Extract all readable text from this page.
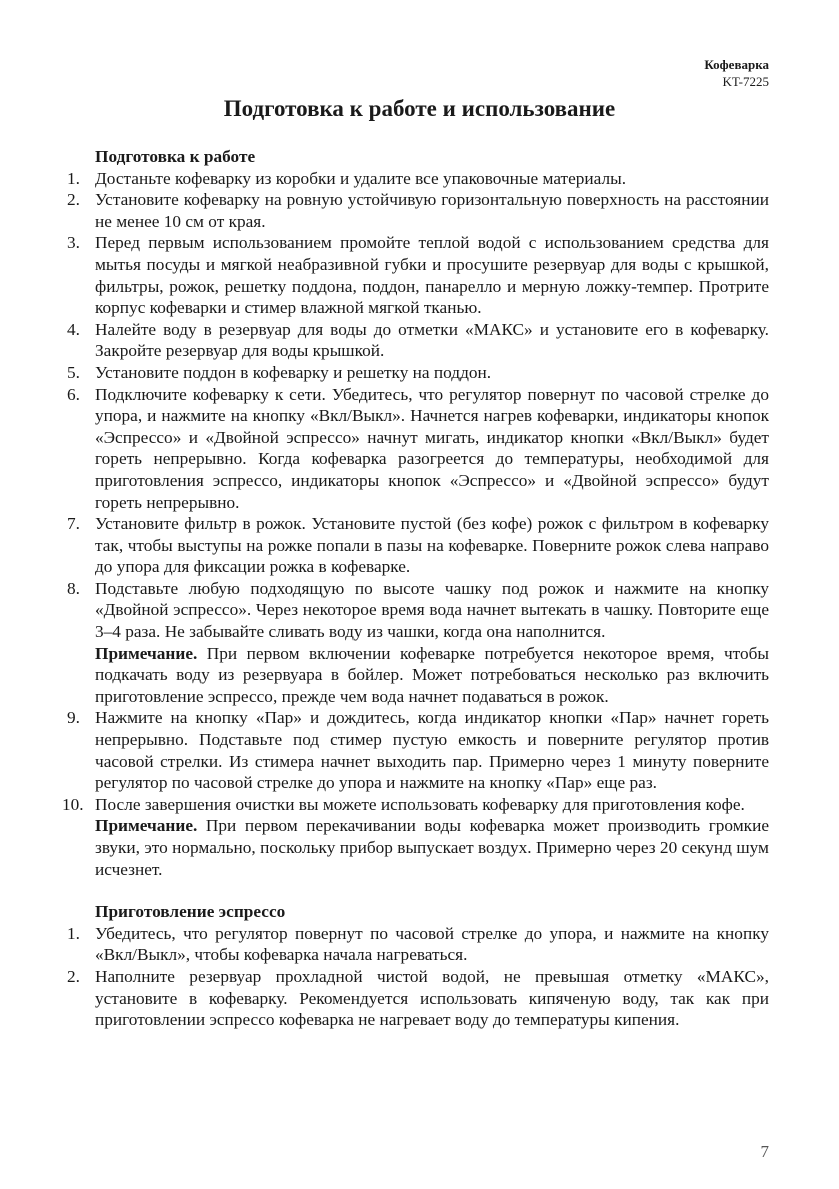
Кофеварка
KT-7225
Подготовка к работе и использование
Подготовка к работе
1. Достаньте кофеварку из коробки и удалите все упаковочные материалы.
2. Установите кофеварку на ровную устойчивую горизонтальную поверхность на расстоянии не менее 10 см от края.
3. Перед первым использованием промойте теплой водой с использованием средства для мытья посуды и мягкой неабразивной губки и просушите резервуар для воды с крышкой, фильтры, рожок, решетку поддона, поддон, панарелло и мерную ложку-темпер. Протрите корпус кофеварки и стимер влажной мягкой тканью.
4. Налейте воду в резервуар для воды до отметки «МАКС» и установите его в кофеварку. Закройте резервуар для воды крышкой.
5. Установите поддон в кофеварку и решетку на поддон.
6. Подключите кофеварку к сети. Убедитесь, что регулятор повернут по часовой стрелке до упора, и нажмите на кнопку «Вкл/Выкл». Начнется нагрев кофеварки, индикаторы кнопок «Эспрессо» и «Двойной эспрессо» начнут мигать, индикатор кнопки «Вкл/Выкл» будет гореть непрерывно. Когда кофеварка разогреется до температуры, необходимой для приготовления эспрессо, индикаторы кнопок «Эспрессо» и «Двойной эспрессо» будут гореть непрерывно.
7. Установите фильтр в рожок. Установите пустой (без кофе) рожок с фильтром в кофеварку так, чтобы выступы на рожке попали в пазы на кофеварке. Поверните рожок слева направо до упора для фиксации рожка в кофеварке.
8. Подставьте любую подходящую по высоте чашку под рожок и нажмите на кнопку «Двойной эспрессо». Через некоторое время вода начнет вытекать в чашку. Повторите еще 3–4 раза. Не забывайте сливать воду из чашки, когда она наполнится.
Примечание. При первом включении кофеварке потребуется некоторое время, чтобы подкачать воду из резервуара в бойлер. Может потребоваться несколько раз включить приготовление эспрессо, прежде чем вода начнет подаваться в рожок.
9. Нажмите на кнопку «Пар» и дождитесь, когда индикатор кнопки «Пар» начнет гореть непрерывно. Подставьте под стимер пустую емкость и поверните регулятор против часовой стрелки. Из стимера начнет выходить пар. Примерно через 1 минуту поверните регулятор по часовой стрелке до упора и нажмите на кнопку «Пар» еще раз.
10. После завершения очистки вы можете использовать кофеварку для приготовления кофе.
Примечание. При первом перекачивании воды кофеварка может производить громкие звуки, это нормально, поскольку прибор выпускает воздух. Примерно через 20 секунд шум исчезнет.
Приготовление эспрессо
1. Убедитесь, что регулятор повернут по часовой стрелке до упора, и нажмите на кнопку «Вкл/Выкл», чтобы кофеварка начала нагреваться.
2. Наполните резервуар прохладной чистой водой, не превышая отметку «МАКС», установите в кофеварку. Рекомендуется использовать кипяченую воду, так как при приготовлении эспрессо кофеварка не нагревает воду до температуры кипения.
7
